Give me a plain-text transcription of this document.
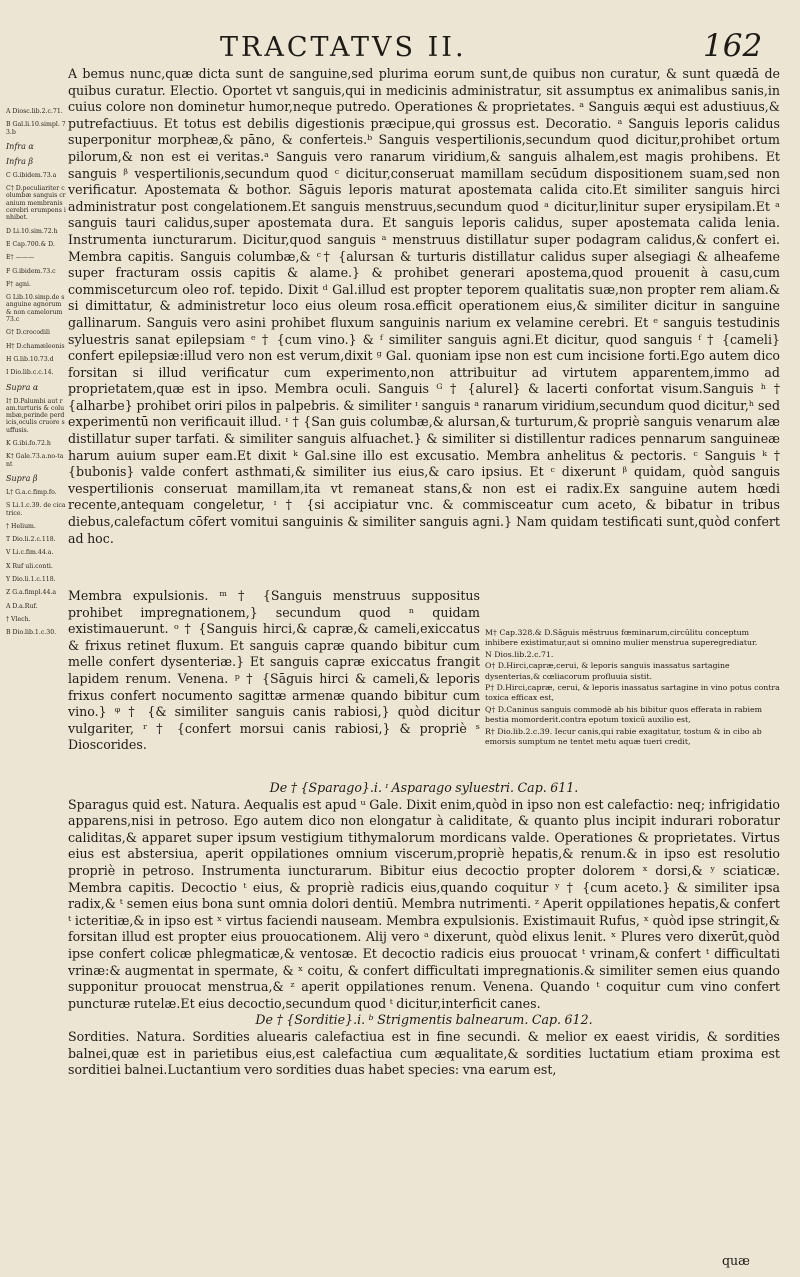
TRACTATVS II.	162
A Diosc.lib.2.c.71.
B Gal.li.10.simpl. 73.b
Infra α
Infra β
C G.ibidem.73.a
C† D.peculiariter columbæ sanguis cranium membranis cerebri erumpens inhibet.
D Li.10.sim.72.h
E Cap.700.& D.
E† ———
F G.ibidem.73.c
F† agni.
G Lib.10.simp.de sanguine agnorum & non camelorum 73.c
G† D.crocodili
H† D.chamæleonis
H G.lib.10.73.d
I Dio.lib.c.c.14.
Supra α
I† D.Palumbi aut ram.turturis & columbæ,perinde perdicis,oculis cruore suffusis.
K G.ibi.fo.72.h
K† Gale.73.a.no-tant
Supra β
L† G.a.c.fimp.fo.
S Li.1.c.39. de cicatrice.
† Helium.
T Dio.li.2.c.118.
V Li.c.fim.44.a.
X Ruf uli.conti.
Y Dio.li.1.c.118.
Z G.a.fimpl.44.a
A D.a.Ruf.
† Vlech.
B Dio.lib.1.c.30.

A bemus nunc,quæ dicta sunt de sanguine,sed plurima eorum sunt,de quibus non curatur, & sunt quædā de quibus curatur. Electio. Oportet vt sanguis,qui in medicinis administratur, sit assumptus ex animalibus sanis,in cuius colore non dominetur humor,neque putredo. Operationes & proprietates. ᵃ Sanguis æqui est adustiuus,& putrefactiuus. Et totus est debilis digestionis præcipue,qui grossus est. Decoratio. ᵃ Sanguis leporis calidus superponitur morpheæ,& pāno, & conferteis.ᵇ Sanguis vespertilionis,secundum quod dicitur,prohibet ortum pilorum,& non est ei veritas.ᵃ Sanguis vero ranarum viridium,& sanguis alhalem,est magis prohibens. Et sanguis ᵝ vespertilionis,secundum quod ᶜ dicitur,conseruat mamillam secūdum dispositionem suam,sed non verificatur. Apostemata & bothor. Sāguis leporis maturat apostemata calida cito.Et similiter sanguis hirci administratur post congelationem.Et sanguis menstruus,secundum quod ᵃ dicitur,linitur super erysipilam.Et ᵃ sanguis tauri calidus,super apostemata dura. Et sanguis leporis calidus, super apostemata calida lenia. Instrumenta iuncturarum. Dicitur,quod sanguis ᵃ menstruus distillatur super podagram calidus,& confert ei. Membra capitis. Sanguis columbæ,& ᶜ† {alursan & turturis distillatur calidus super alsegiagi & alheafeme super fracturam ossis capitis & alame.} & prohibet generari apostema,quod prouenit à casu,cum commisceturcum oleo rof. tepido. Dixit ᵈ Gal.illud est propter teporem qualitatis suæ,non propter rem aliam.& si dimittatur, & administretur loco eius oleum rosa.efficit operationem eius,& similiter dicitur in sanguine gallinarum. Sanguis vero asini prohibet fluxum sanguinis narium ex velamine cerebri. Et ᵉ sanguis testudinis syluestris sanat epilepsiam ᵉ † {cum vino.} & ᶠ similiter sanguis agni.Et dicitur, quod sanguis ᶠ † {cameli} confert epilepsiæ:illud vero non est verum,dixit ᵍ Gal. quoniam ipse non est cum incisione forti.Ego autem dico forsitan si illud verificatur cum experimento,non attribuitur ad virtutem apparentem,immo ad proprietatem,quæ est in ipso. Membra oculi. Sanguis ᴳ † {alurel} & lacerti confortat visum.Sanguis ʰ † {alharbe} prohibet oriri pilos in palpebris. & similiter ᶦ sanguis ᵃ ranarum viridium,secundum quod dicitur,ʰ sed experimentū non verificauit illud. ᶦ † {San guis columbæ,& alursan,& turturum,& propriè sanguis venarum alæ distillatur super tarfati. & similiter sanguis alfuachet.} & similiter si distillentur radices pennarum sanguineæ harum auium super eam.Et dixit ᵏ Gal.sine illo est excusatio. Membra anhelitus & pectoris. ᶜ Sanguis ᵏ † {bubonis} valde confert asthmati,& similiter ius eius,& caro ipsius. Et ᶜ dixerunt ᵝ quidam, quòd sanguis vespertilionis conseruat mamillam,ita vt remaneat stans,& non est ei radix.Ex sanguine autem hœdi recente,antequam congeletur, ᶦ † {si accipiatur vnc. & commisceatur cum aceto, & bibatur in tribus diebus,calefactum cōfert vomitui sanguinis & similiter sanguis agni.} Nam quidam testificati sunt,quòd confert ad hoc.

Membra expulsionis. ᵐ † {Sanguis menstruus suppositus prohibet impregnationem,} secundum quod ⁿ quidam existimauerunt. ᵒ † {Sanguis hirci,& capræ,& cameli,exiccatus & frixus retinet fluxum. Et sanguis capræ quando bibitur cum melle confert dysenteriæ.} Et sanguis capræ exiccatus frangit lapidem renum. Venena. ᵖ † {Sāguis hirci & cameli,& leporis frixus confert nocumento sagittæ armenæ quando bibitur cum vino.} ᵠ † {& similiter sanguis canis rabiosi,} quòd dicitur vulgariter, ʳ † {confert morsui canis rabiosi,} & propriè ˢ Dioscorides.

M† Cap.328.& D.Sāguis mēstruus fœminarum,circūlitu conceptum inhibere existimatur,aut si omnino mulier menstrua superegrediatur.

N Dios.lib.2.c.71.

O† D.Hirci,capræ,cerui, & leporis sanguis inassatus sartagine dysenterias,& cœliacorum profluuia sistit.

P† D.Hirci,capræ, cerui, & leporis inassatus sartagine in vino potus contra toxica efficax est,

Q† D.Caninus sanguis commodè ab his bibitur quos efferata in rabiem bestia momorderit.contra epotum toxicū auxilio est,

R† Dio.lib.2.c.39. Iecur canis,qui rabie exagitatur, tostum & in cibo ab emorsis sumptum ne tentet metu aquæ tueri credit,

De † {Sparago}.i. ᶦ Asparago syluestri. Cap. 611.

Sparagus quid est. Natura. Aequalis est apud ᵘ Gale. Dixit enim,quòd in ipso non est calefactio: neq; infrigidatio apparens,nisi in petroso. Ego autem dico non elongatur à caliditate, & quanto plus incipit indurari roboratur caliditas,& apparet super ipsum vestigium tithymalorum mordicans valde. Operationes & proprietates. Virtus eius est abstersiua, aperit oppilationes omnium viscerum,propriè hepatis,& renum.& in ipso est resolutio propriè in petroso. Instrumenta iuncturarum. Bibitur eius decoctio propter dolorem ˣ dorsi,& ʸ sciaticæ. Membra capitis. Decoctio ᵗ eius, & propriè radicis eius,quando coquitur ʸ † {cum aceto.} & similiter ipsa radix,& ᵗ semen eius bona sunt omnia dolori dentiū. Membra nutrimenti. ᶻ Aperit oppilationes hepatis,& confert ᵗ icteritiæ,& in ipso est ˣ virtus faciendi nauseam. Membra expulsionis. Existimauit Rufus, ˣ quòd ipse stringit,& forsitan illud est propter eius prouocationem. Alij vero ᵃ dixerunt, quòd elixus lenit. ˣ Plures vero dixerūt,quòd ipse confert colicæ phlegmaticæ,& ventosæ. Et decoctio radicis eius prouocat ᵗ vrinam,& confert ᵗ difficultati vrinæ:& augmentat in spermate, & ˣ coitu, & confert difficultati impregnationis.& similiter semen eius quando supponitur prouocat menstrua,& ᶻ aperit oppilationes renum. Venena. Quando ᵗ coquitur cum vino confert puncturæ rutelæ.Et eius decoctio,secundum quod ᵗ dicitur,interficit canes.

De † {Sorditie}.i. ᵇ Strigmentis balnearum. Cap. 612.

Sordities. Natura. Sordities aluearis calefactiua est in fine secundi. & melior ex eaest viridis, & sordities balnei,quæ est in parietibus eius,est calefactiua cum æqualitate,& sordities luctatium etiam proxima est sorditiei balnei.Luctantium vero sordities duas habet species: vna earum est,

quæ
